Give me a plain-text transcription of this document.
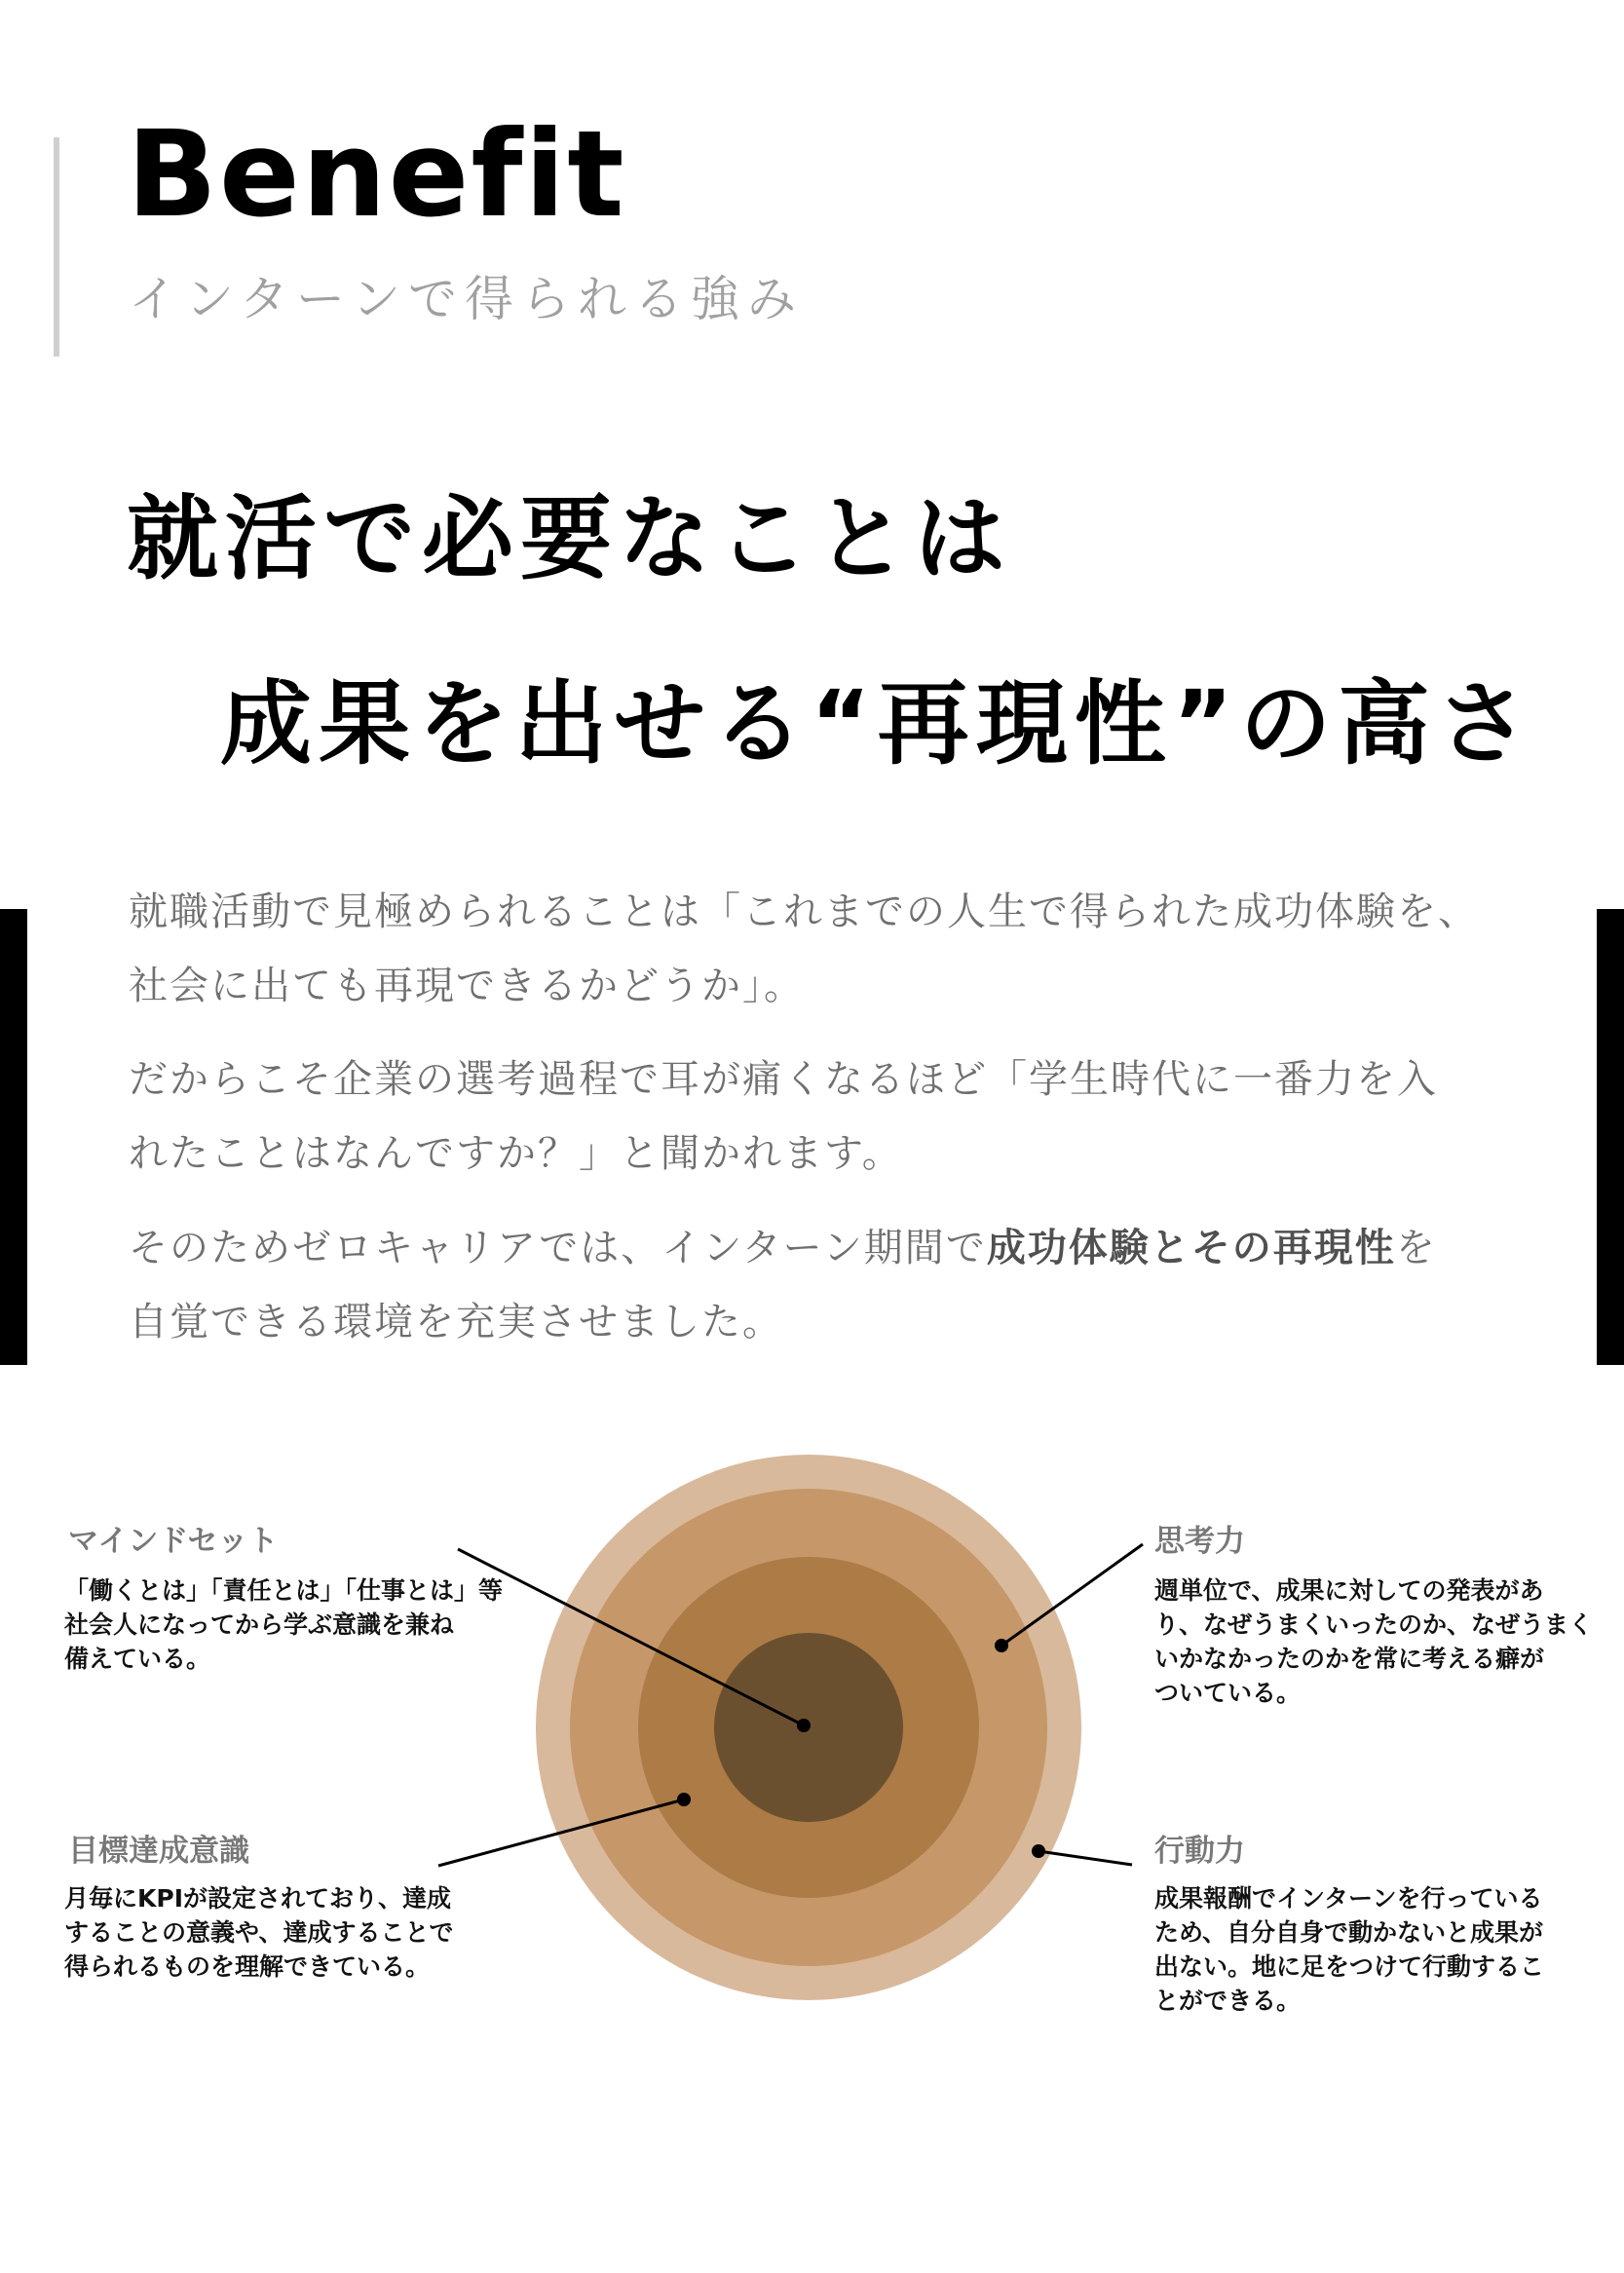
Benefit
インターンで得られる強み
就活で必要なことは
成果を出せる“再現性”の高さ
就職活動で見極められることは「これまでの人生で得られた成功体験を、
社会に出ても再現できるかどうか」。
だからこそ企業の選考過程で耳が痛くなるほど「学生時代に一番力を入
れたことはなんですか？」と聞かれます。
そのためゼロキャリアでは、インターン期間で成功体験とその再現性を
自覚できる環境を充実させました。
マインドセット
「働くとは」「責任とは」「仕事とは」等
社会人になってから学ぶ意識を兼ね
備えている。
目標達成意識
月毎にKPIが設定されており、達成
することの意義や、達成することで
得られるものを理解できている。
思考力
週単位で、成果に対しての発表があ
り、なぜうまくいったのか、なぜうまく
いかなかったのかを常に考える癖が
ついている。
行動力
成果報酬でインターンを行っている
ため、自分自身で動かないと成果が
出ない。地に足をつけて行動するこ
とができる。
